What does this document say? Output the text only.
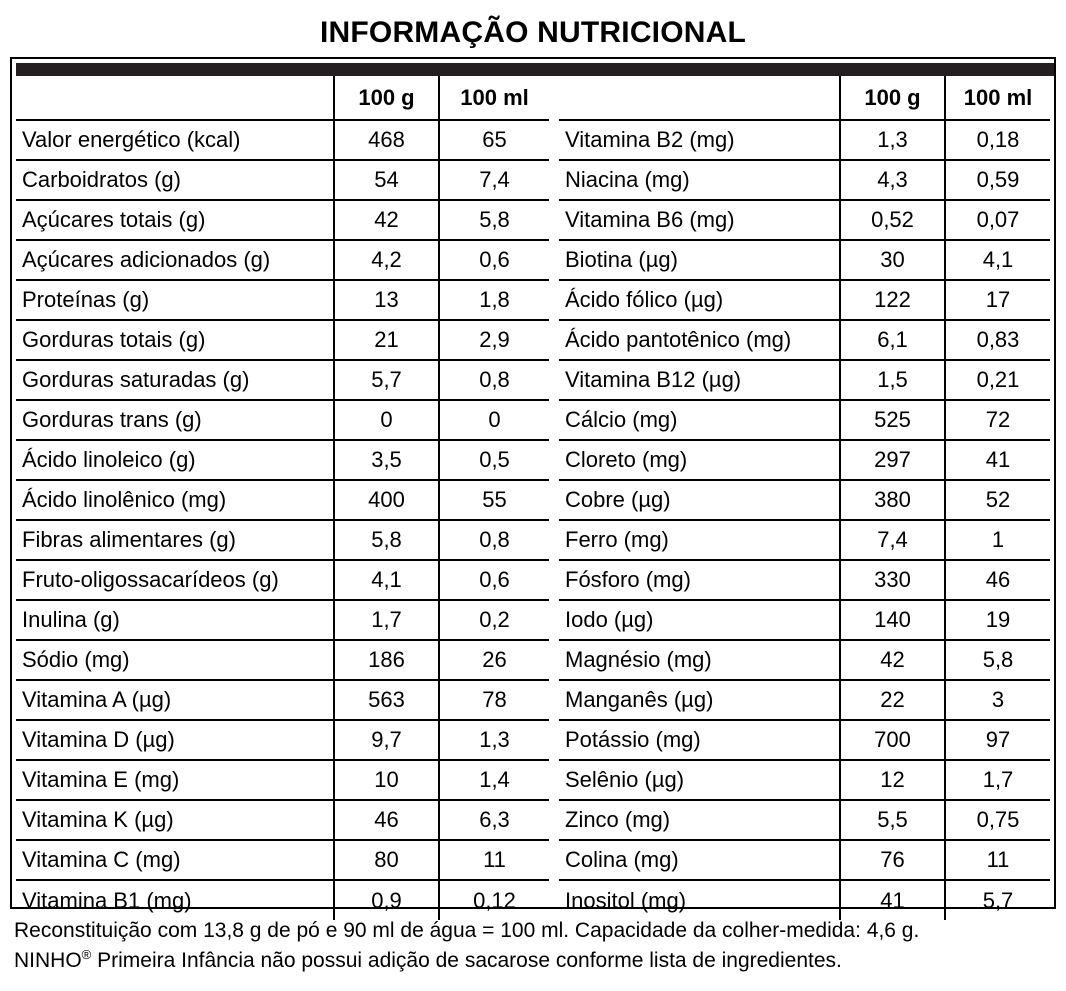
INFORMAÇÃO NUTRICIONAL
	100 g	100 ml
Valor energético (kcal)	468	65
Carboidratos (g)	54	7,4
Açúcares totais (g)	42	5,8
Açúcares adicionados (g)	4,2	0,6
Proteínas (g)	13	1,8
Gorduras totais (g)	21	2,9
Gorduras saturadas (g)	5,7	0,8
Gorduras trans (g)	0	0
Ácido linoleico (g)	3,5	0,5
Ácido linolênico (mg)	400	55
Fibras alimentares (g)	5,8	0,8
Fruto-oligossacarídeos (g)	4,1	0,6
Inulina (g)	1,7	0,2
Sódio (mg)	186	26
Vitamina A (µg)	563	78
Vitamina D (µg)	9,7	1,3
Vitamina E (mg)	10	1,4
Vitamina K (µg)	46	6,3
Vitamina C (mg)	80	11
Vitamina B1 (mg)	0,9	0,12
	100 g	100 ml
Vitamina B2 (mg)	1,3	0,18
Niacina (mg)	4,3	0,59
Vitamina B6 (mg)	0,52	0,07
Biotina (µg)	30	4,1
Ácido fólico (µg)	122	17
Ácido pantotênico (mg)	6,1	0,83
Vitamina B12 (µg)	1,5	0,21
Cálcio (mg)	525	72
Cloreto (mg)	297	41
Cobre (µg)	380	52
Ferro (mg)	7,4	1
Fósforo (mg)	330	46
Iodo (µg)	140	19
Magnésio (mg)	42	5,8
Manganês (µg)	22	3
Potássio (mg)	700	97
Selênio (µg)	12	1,7
Zinco (mg)	5,5	0,75
Colina (mg)	76	11
Inositol (mg)	41	5,7

Reconstituição com 13,8 g de pó e 90 ml de água = 100 ml. Capacidade da colher-medida: 4,6 g.

NINHO® Primeira Infância não possui adição de sacarose conforme lista de ingredientes.
